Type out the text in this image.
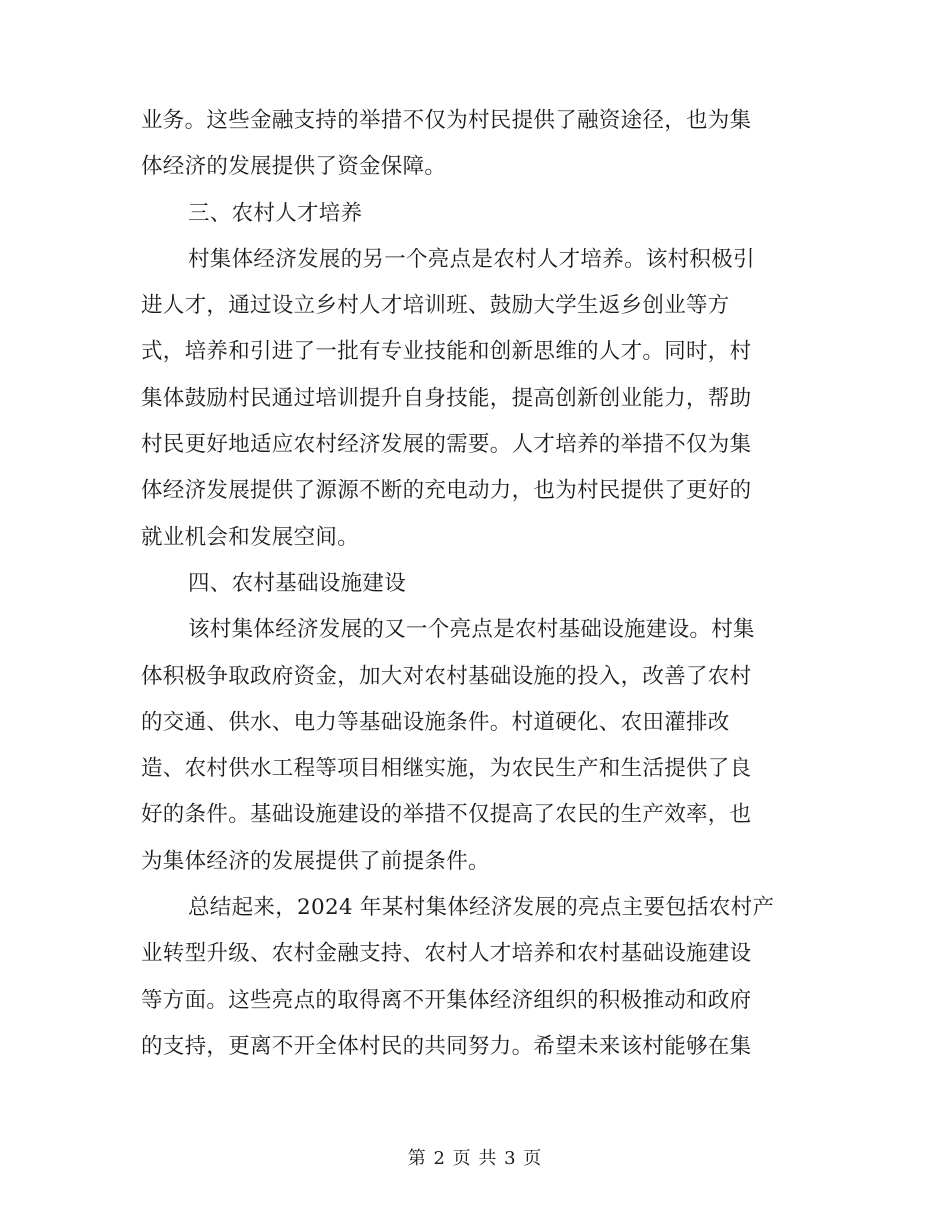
业务。这些金融支持的举措不仅为村民提供了融资途径，也为集
体经济的发展提供了资金保障。
三、农村人才培养
村集体经济发展的另一个亮点是农村人才培养。该村积极引
进人才，通过设立乡村人才培训班、鼓励大学生返乡创业等方
式，培养和引进了一批有专业技能和创新思维的人才。同时，村
集体鼓励村民通过培训提升自身技能，提高创新创业能力，帮助
村民更好地适应农村经济发展的需要。人才培养的举措不仅为集
体经济发展提供了源源不断的充电动力，也为村民提供了更好的
就业机会和发展空间。
四、农村基础设施建设
该村集体经济发展的又一个亮点是农村基础设施建设。村集
体积极争取政府资金，加大对农村基础设施的投入，改善了农村
的交通、供水、电力等基础设施条件。村道硬化、农田灌排改
造、农村供水工程等项目相继实施，为农民生产和生活提供了良
好的条件。基础设施建设的举措不仅提高了农民的生产效率，也
为集体经济的发展提供了前提条件。
总结起来，2024 年某村集体经济发展的亮点主要包括农村产
业转型升级、农村金融支持、农村人才培养和农村基础设施建设
等方面。这些亮点的取得离不开集体经济组织的积极推动和政府
的支持，更离不开全体村民的共同努力。希望未来该村能够在集
第 2 页 共 3 页
